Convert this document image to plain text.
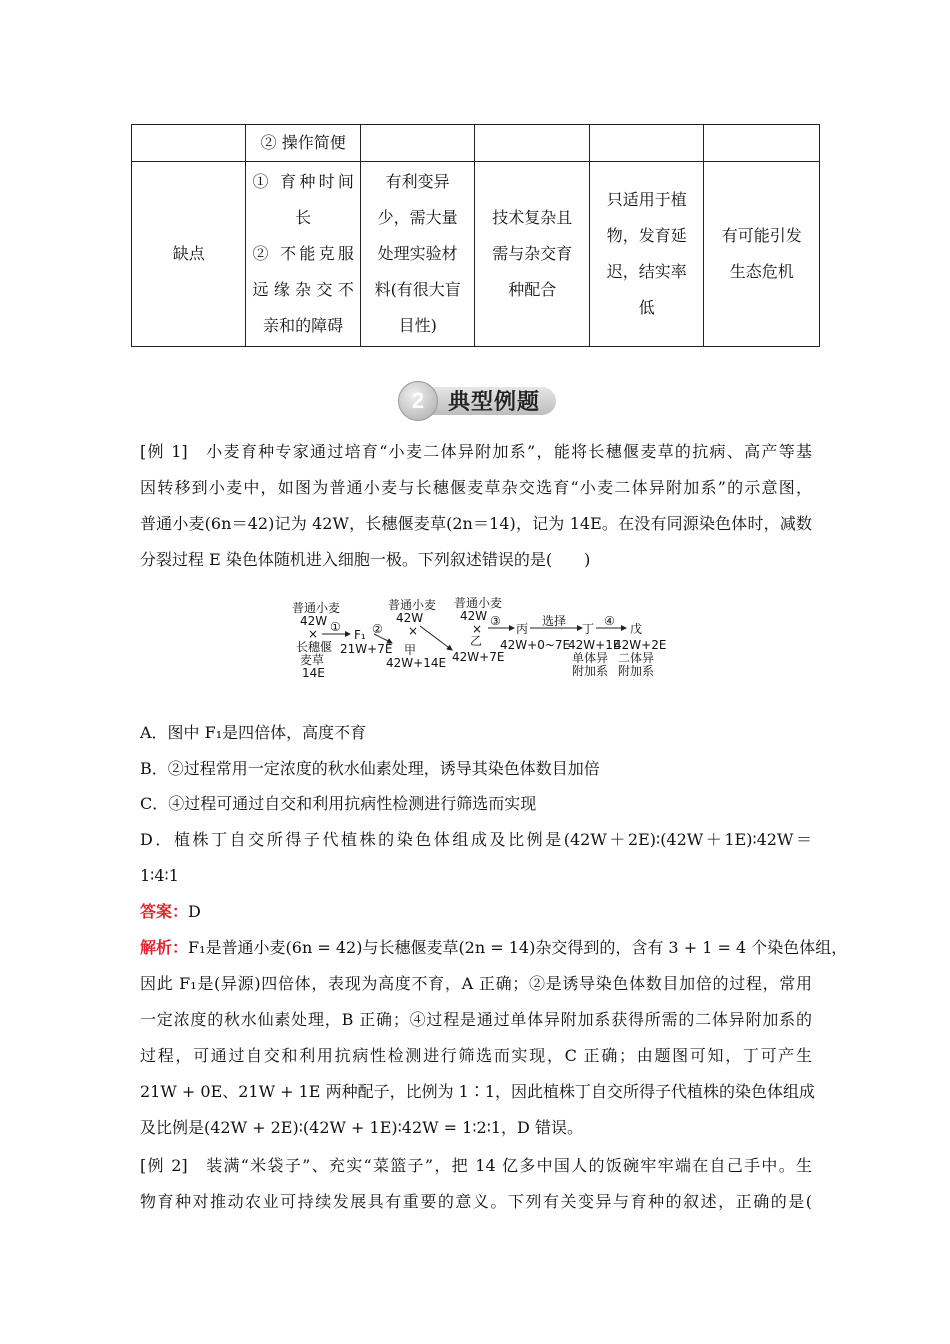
	② 操作简便				
缺点	① 育种时间
长
② 不能克服
远缘杂交不
亲和的障碍	有利变异
少，需大量
处理实验材
料(有很大盲
目性)	技术复杂且
需与杂交育
种配合	只适用于植
物，发育延
迟，结实率
低	有可能引发
生态危机
2	典型例题
[例 1]　小麦育种专家通过培育“小麦二体异附加系”，能将长穗偃麦草的抗病、高产等基
因转移到小麦中，如图为普通小麦与长穗偃麦草杂交选育“小麦二体异附加系”的示意图，
普通小麦(6n＝42)记为 42W，长穗偃麦草(2n＝14)，记为 14E。在没有同源染色体时，减数
分裂过程 E 染色体随机进入细胞一极。下列叙述错误的是(　　)
普通小麦
42W
×
长穗偃
麦草
14E
①
F₁
21W+7E
②
普通小麦
42W
×
甲
42W+14E
普通小麦
42W
×
乙
42W+7E
③
丙
42W+0~7E
选择
丁
42W+1E
单体异
附加系
④
戊
42W+2E
二体异
附加系
A．图中 F₁是四倍体，高度不育
B．②过程常用一定浓度的秋水仙素处理，诱导其染色体数目加倍
C．④过程可通过自交和利用抗病性检测进行筛选而实现
D．植株丁自交所得子代植株的染色体组成及比例是(42W＋2E)∶(42W＋1E)∶42W＝
1∶4∶1
答案：D
解析：F₁是普通小麦(6n = 42)与长穗偃麦草(2n = 14)杂交得到的，含有 3 + 1 = 4 个染色体组，
因此 F₁是(异源)四倍体，表现为高度不育，A 正确；②是诱导染色体数目加倍的过程，常用
一定浓度的秋水仙素处理，B 正确；④过程是通过单体异附加系获得所需的二体异附加系的
过程，可通过自交和利用抗病性检测进行筛选而实现，C 正确；由题图可知，丁可产生
21W + 0E、21W + 1E 两种配子，比例为 1∶1，因此植株丁自交所得子代植株的染色体组成
及比例是(42W + 2E)∶(42W + 1E)∶42W = 1∶2∶1，D 错误。
[例 2]　装满“米袋子”、充实“菜篮子”，把 14 亿多中国人的饭碗牢牢端在自己手中。生
物育种对推动农业可持续发展具有重要的意义。下列有关变异与育种的叙述，正确的是(
